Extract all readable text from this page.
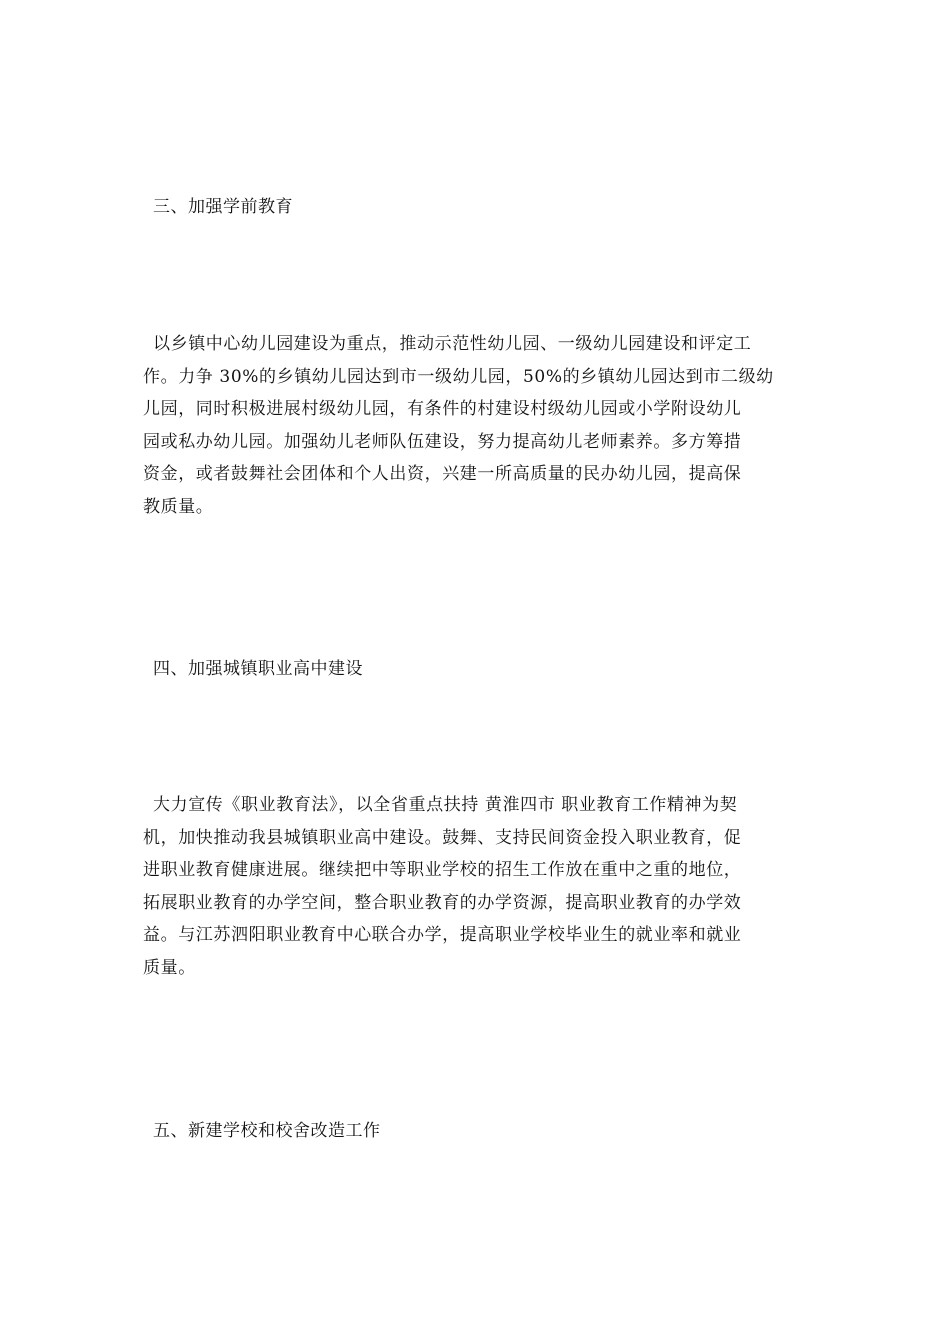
三、加强学前教育
以乡镇中心幼儿园建设为重点，推动示范性幼儿园、一级幼儿园建设和评定工
作。力争 30%的乡镇幼儿园达到市一级幼儿园，50%的乡镇幼儿园达到市二级幼
儿园，同时积极进展村级幼儿园，有条件的村建设村级幼儿园或小学附设幼儿
园或私办幼儿园。加强幼儿老师队伍建设，努力提高幼儿老师素养。多方筹措
资金，或者鼓舞社会团体和个人出资，兴建一所高质量的民办幼儿园，提高保
教质量。
四、加强城镇职业高中建设
大力宣传《职业教育法》，以全省重点扶持 黄淮四市 职业教育工作精神为契
机，加快推动我县城镇职业高中建设。鼓舞、支持民间资金投入职业教育，促
进职业教育健康进展。继续把中等职业学校的招生工作放在重中之重的地位，
拓展职业教育的办学空间，整合职业教育的办学资源，提高职业教育的办学效
益。与江苏泗阳职业教育中心联合办学，提高职业学校毕业生的就业率和就业
质量。
五、新建学校和校舍改造工作
